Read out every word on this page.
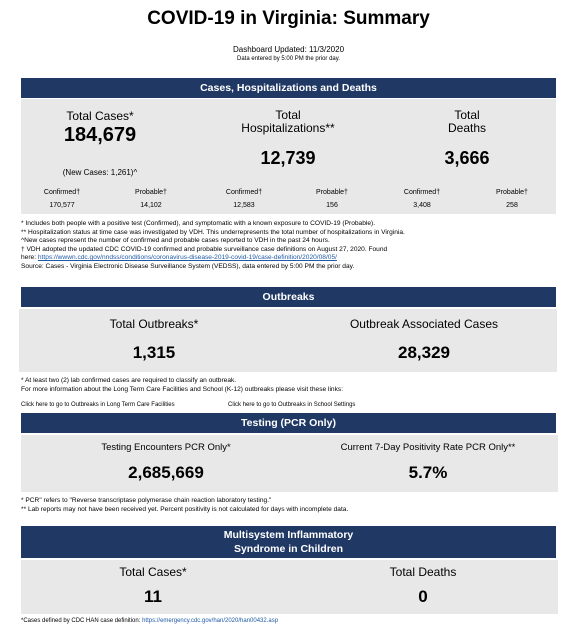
COVID-19 in Virginia: Summary
Dashboard Updated: 11/3/2020
Data entered by 5:00 PM the prior day.
Cases, Hospitalizations and Deaths
Total Cases*
184,679
(New Cases: 1,261)^
Total
Hospitalizations**
12,739
Total
Deaths
3,666
Confirmed†
170,577
Probable†
14,102
Confirmed†
12,583
Probable†
156
Confirmed†
3,408
Probable†
258
* Includes both people with a positive test (Confirmed), and symptomatic with a known exposure to COVID-19 (Probable).
** Hospitalization status at time case was investigated by VDH. This underrepresents the total number of hospitalizations in Virginia.
^New cases represent the number of confirmed and probable cases reported to VDH in the past 24 hours.
† VDH adopted the updated CDC COVID-19 confirmed and probable surveillance case definitions on August 27, 2020. Found
here: https://wwwn.cdc.gov/nndss/conditions/coronavirus-disease-2019-covid-19/case-definition/2020/08/05/
Source: Cases - Virginia Electronic Disease Surveillance System (VEDSS), data entered by 5:00 PM the prior day.
Outbreaks
Total Outbreaks*
1,315
Outbreak Associated Cases
28,329
* At least two (2) lab confirmed cases are required to classify an outbreak.
For more information about the Long Term Care Facilities and School (K-12) outbreaks please visit these links:
Click here to go to Outbreaks in Long Term Care Facilities	Click here to go to Outbreaks in School Settings
Testing (PCR Only)
Testing Encounters PCR Only*
2,685,669
Current 7-Day Positivity Rate PCR Only**
5.7%
* PCR" refers to "Reverse transcriptase polymerase chain reaction laboratory testing."
** Lab reports may not have been received yet. Percent positivity is not calculated for days with incomplete data.
Multisystem Inflammatory
Syndrome in Children
Total Cases*
11
Total Deaths
0
*Cases defined by CDC HAN case definition: https://emergency.cdc.gov/han/2020/han00432.asp
